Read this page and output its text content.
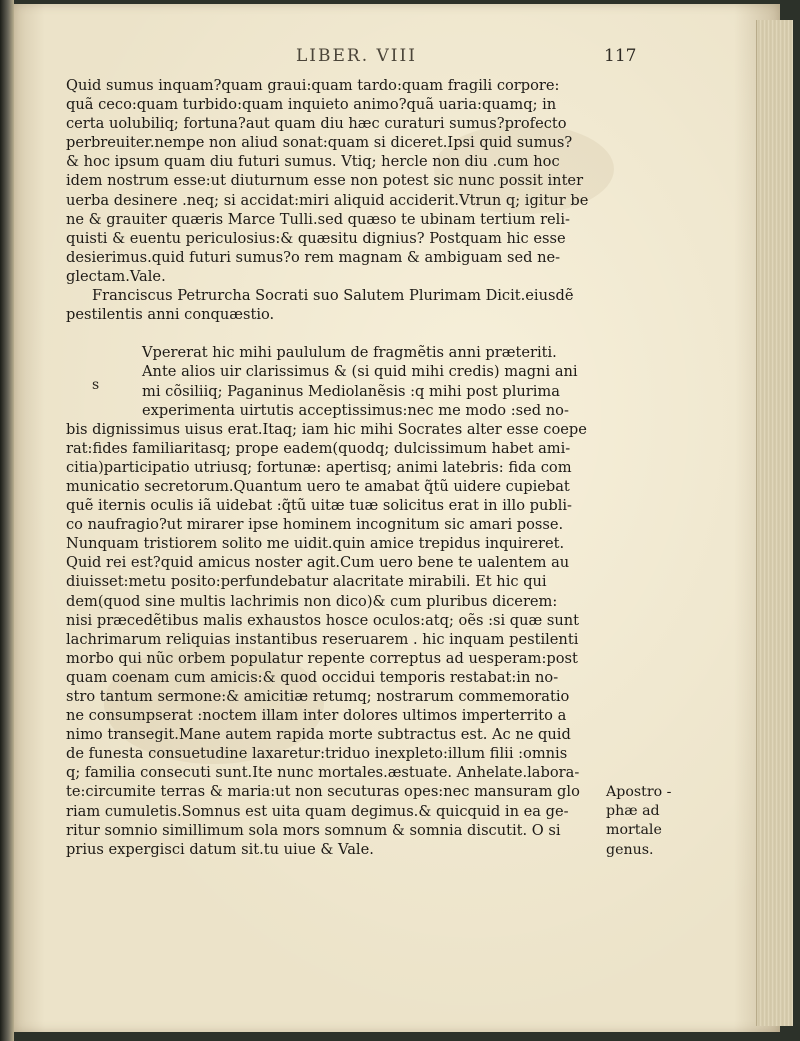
LIBER. VIII	117
s
Quid sumus inquam?quam graui:quam tardo:quam fragili corpore:
quã ceco:quam turbido:quam inquieto animo?quã uaria:quamq; in
certa uolubiliq; fortuna?aut quam diu hæc curaturi sumus?profecto
perbreuiter.nempe non aliud sonat:quam si diceret.Ipsi quid sumus?
& hoc ipsum quam diu futuri sumus. Vtiq; hercle non diu .cum hoc
idem nostrum esse:ut diuturnum esse non potest sic nunc possit inter
uerba desinere .neq; si accidat:miri aliquid acciderit.Vtrun q; igitur be
ne & grauiter quæris Marce Tulli.sed quæso te ubinam tertium reli‑
quisti & euentu periculosius:& quæsitu dignius? Postquam hic esse
desierimus.quid futuri sumus?o rem magnam & ambiguam sed ne‑
glectam.Vale.
Franciscus Petrurcha Socrati suo Salutem Plurimam Dicit.eiusdẽ
pestilentis anni conquæstio.
Vpererat hic mihi paululum de fragmẽtis anni præteriti.
Ante alios uir clarissimus & (si quid mihi credis) magni ani
mi cõsiliiq; Paganinus Mediolanẽsis :q mihi post plurima
experimenta uirtutis acceptissimus:nec me modo :sed no‑
bis dignissimus uisus erat.Itaq; iam hic mihi Socrates alter esse coepe
rat:fides familiaritasq; prope eadem(quodq; dulcissimum habet ami‑
citia)participatio utriusq; fortunæ: apertisq; animi latebris: fida com
municatio secretorum.Quantum uero te amabat q̃tũ uidere cupiebat
quẽ iternis oculis iã uidebat :q̃tũ uitæ tuæ solicitus erat in illo publi‑
co naufragio?ut mirarer ipse hominem incognitum sic amari posse.
Nunquam tristiorem solito me uidit.quin amice trepidus inquireret.
Quid rei est?quid amicus noster agit.Cum uero bene te ualentem au
diuisset:metu posito:perfundebatur alacritate mirabili. Et hic qui
dem(quod sine multis lachrimis non dico)& cum pluribus dicerem:
nisi præcedẽtibus malis exhaustos hosce oculos:atq; oẽs :si quæ sunt
lachrimarum reliquias instantibus reseruarem . hic inquam pestilenti
morbo qui nũc orbem populatur repente correptus ad uesperam:post
quam coenam cum amicis:& quod occidui temporis restabat:in no‑
stro tantum sermone:& amicitiæ retumq; nostrarum commemoratio
ne consumpserat :noctem illam inter dolores ultimos imperterrito a
nimo transegit.Mane autem rapida morte subtractus est. Ac ne quid
de funesta consuetudine laxaretur:triduo inexpleto:illum filii :omnis
q; familia consecuti sunt.Ite nunc mortales.æstuate. Anhelate.labora‑
te:circumite terras & maria:ut non secuturas opes:nec mansuram glo
riam cumuletis.Somnus est uita quam degimus.& quicquid in ea ge‑
ritur somnio simillimum sola mors somnum & somnia discutit. O si
prius expergisci datum sit.tu uiue & Vale.
Apostro ‑
phæ ad
mortale
genus.
